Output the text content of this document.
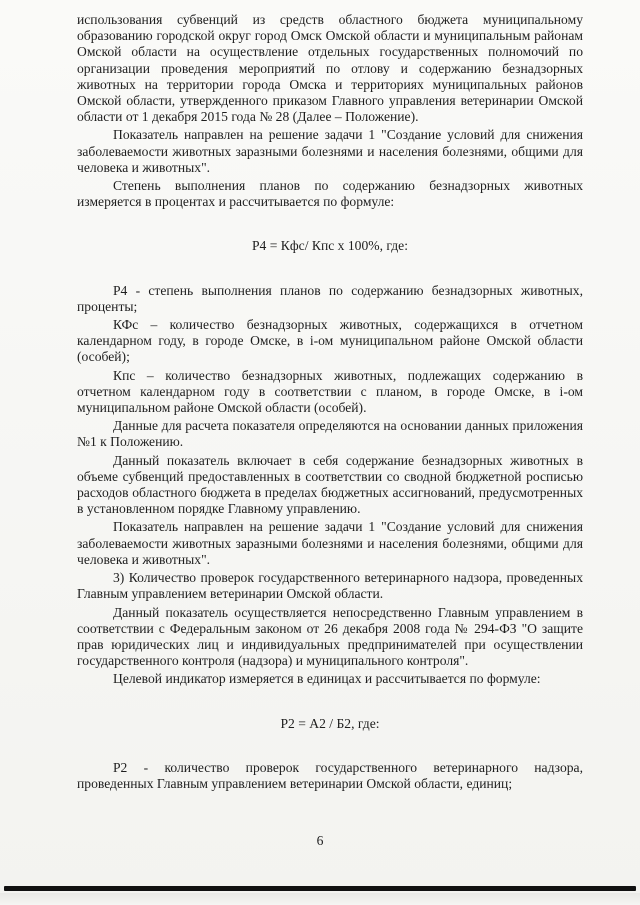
использования субвенций из средств областного бюджета муниципальному образованию городской округ город Омск Омской области и муниципальным районам Омской области на осуществление отдельных государственных полномочий по организации проведения мероприятий по отлову и содержанию безнадзорных животных на территории города Омска и территориях муниципальных районов Омской области, утвержденного приказом Главного управления ветеринарии Омской области от 1 декабря 2015 года № 28 (Далее – Положение).

Показатель направлен на решение задачи 1 "Создание условий для снижения заболеваемости животных заразными болезнями и населения болезнями, общими для человека и животных".

Степень выполнения планов по содержанию безнадзорных животных измеряется в процентах и рассчитывается по формуле:

Р4 = Кфс/ Кпс х 100%, где:

Р4 - степень выполнения планов по содержанию безнадзорных животных, проценты;

КФс – количество безнадзорных животных, содержащихся в отчетном календарном году, в городе Омске, в i-ом муниципальном районе Омской области (особей);

Кпс – количество безнадзорных животных, подлежащих содержанию в отчетном календарном году в соответствии с планом, в городе Омске, в i-ом муниципальном районе Омской области (особей).

Данные для расчета показателя определяются на основании данных приложения №1 к Положению.

Данный показатель включает в себя содержание безнадзорных животных в объеме субвенций предоставленных в соответствии со сводной бюджетной росписью расходов областного бюджета в пределах бюджетных ассигнований, предусмотренных в установленном порядке Главному управлению.

Показатель направлен на решение задачи 1 "Создание условий для снижения заболеваемости животных заразными болезнями и населения болезнями, общими для человека и животных".

3) Количество проверок государственного ветеринарного надзора, проведенных Главным управлением ветеринарии Омской области.

Данный показатель осуществляется непосредственно Главным управлением в соответствии с Федеральным законом от 26 декабря 2008 года № 294-ФЗ "О защите прав юридических лиц и индивидуальных предпринимателей при осуществлении государственного контроля (надзора) и муниципального контроля".

Целевой индикатор измеряется в единицах и рассчитывается по формуле:

Р2 = А2 / Б2, где:

Р2 - количество проверок государственного ветеринарного надзора, проведенных Главным управлением ветеринарии Омской области, единиц;

6
